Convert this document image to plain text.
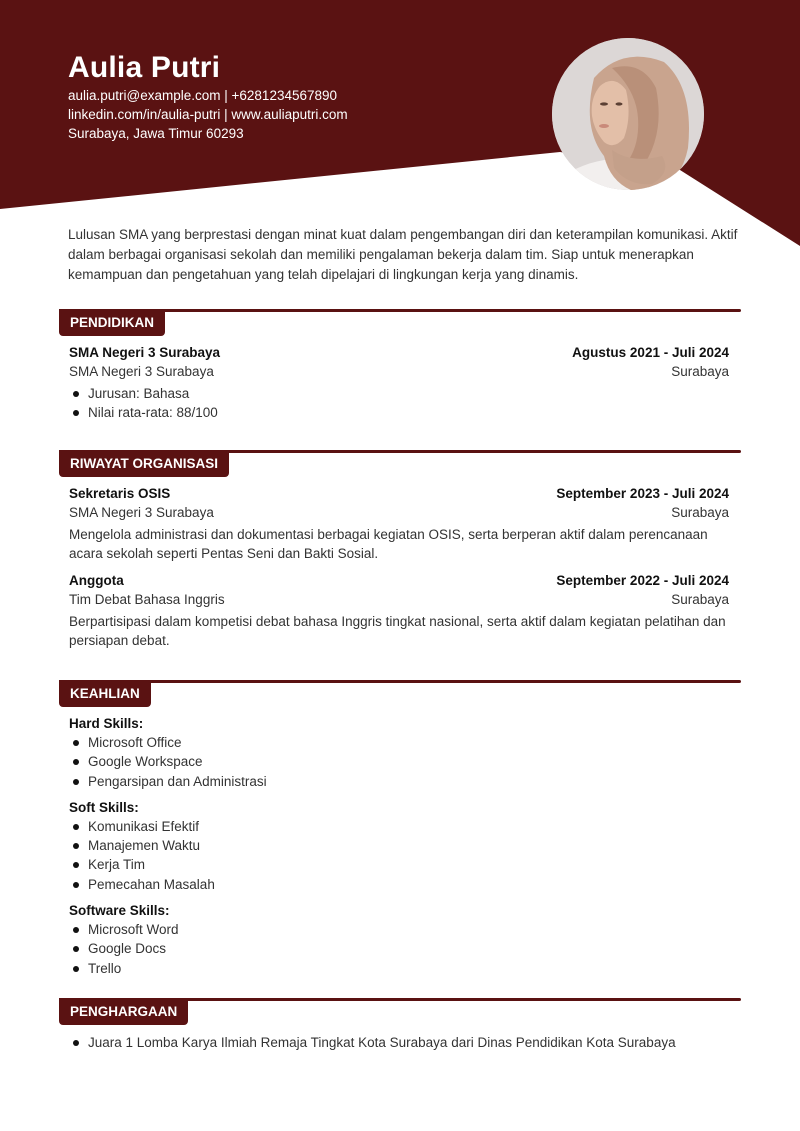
Aulia Putri
aulia.putri@example.com | +6281234567890
linkedin.com/in/aulia-putri | www.auliaputri.com
Surabaya, Jawa Timur 60293

Lulusan SMA yang berprestasi dengan minat kuat dalam pengembangan diri dan keterampilan komunikasi. Aktif dalam berbagai organisasi sekolah dan memiliki pengalaman bekerja dalam tim. Siap untuk menerapkan kemampuan dan pengetahuan yang telah dipelajari di lingkungan kerja yang dinamis.

PENDIDIKAN
SMA Negeri 3 Surabaya	Agustus 2021 - Juli 2024
SMA Negeri 3 Surabaya	Surabaya
Jurusan: Bahasa
Nilai rata-rata: 88/100
RIWAYAT ORGANISASI
Sekretaris OSIS	September 2023 - Juli 2024
SMA Negeri 3 Surabaya	Surabaya

Mengelola administrasi dan dokumentasi berbagai kegiatan OSIS, serta berperan aktif dalam perencanaan acara sekolah seperti Pentas Seni dan Bakti Sosial.

Anggota	September 2022 - Juli 2024
Tim Debat Bahasa Inggris	Surabaya

Berpartisipasi dalam kompetisi debat bahasa Inggris tingkat nasional, serta aktif dalam kegiatan pelatihan dan persiapan debat.

KEAHLIAN
Hard Skills:
Microsoft Office
Google Workspace
Pengarsipan dan Administrasi
Soft Skills:
Komunikasi Efektif
Manajemen Waktu
Kerja Tim
Pemecahan Masalah
Software Skills:
Microsoft Word
Google Docs
Trello
PENGHARGAAN
Juara 1 Lomba Karya Ilmiah Remaja Tingkat Kota Surabaya dari Dinas Pendidikan Kota Surabaya
